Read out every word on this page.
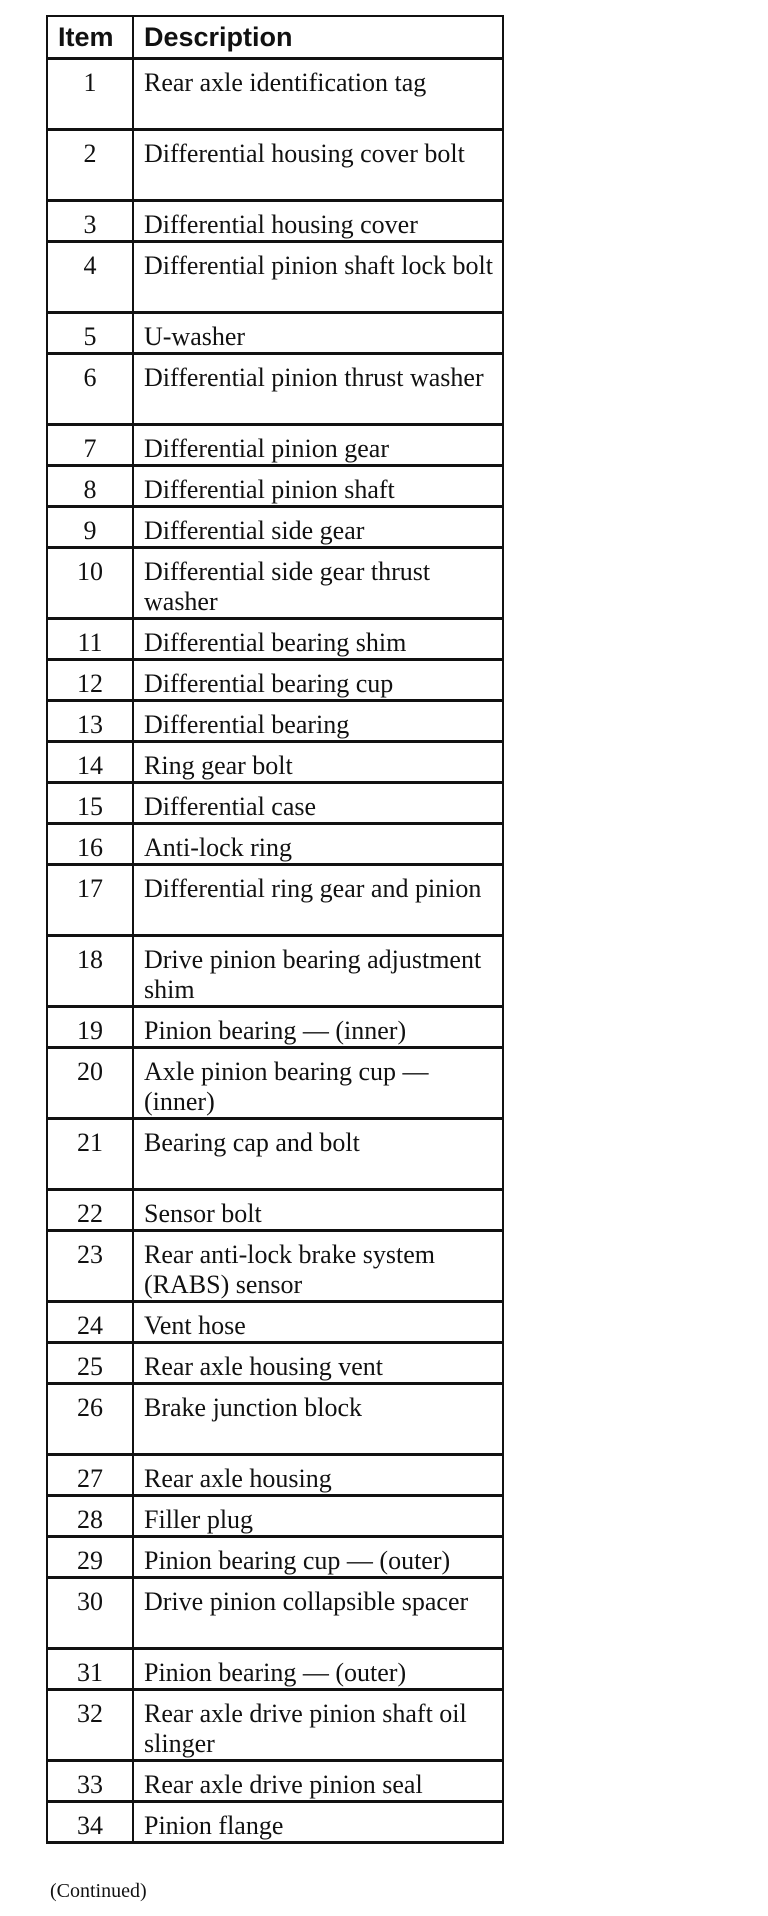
Item	Description
1	Rear axle identification tag
2	Differential housing cover bolt
3	Differential housing cover
4	Differential pinion shaft lock bolt
5	U-washer
6	Differential pinion thrust washer
7	Differential pinion gear
8	Differential pinion shaft
9	Differential side gear
10	Differential side gear thrust washer
11	Differential bearing shim
12	Differential bearing cup
13	Differential bearing
14	Ring gear bolt
15	Differential case
16	Anti-lock ring
17	Differential ring gear and pinion
18	Drive pinion bearing adjustment shim
19	Pinion bearing — (inner)
20	Axle pinion bearing cup — (inner)
21	Bearing cap and bolt
22	Sensor bolt
23	Rear anti-lock brake system (RABS) sensor
24	Vent hose
25	Rear axle housing vent
26	Brake junction block
27	Rear axle housing
28	Filler plug
29	Pinion bearing cup — (outer)
30	Drive pinion collapsible spacer
31	Pinion bearing — (outer)
32	Rear axle drive pinion shaft oil slinger
33	Rear axle drive pinion seal
34	Pinion flange
(Continued)
